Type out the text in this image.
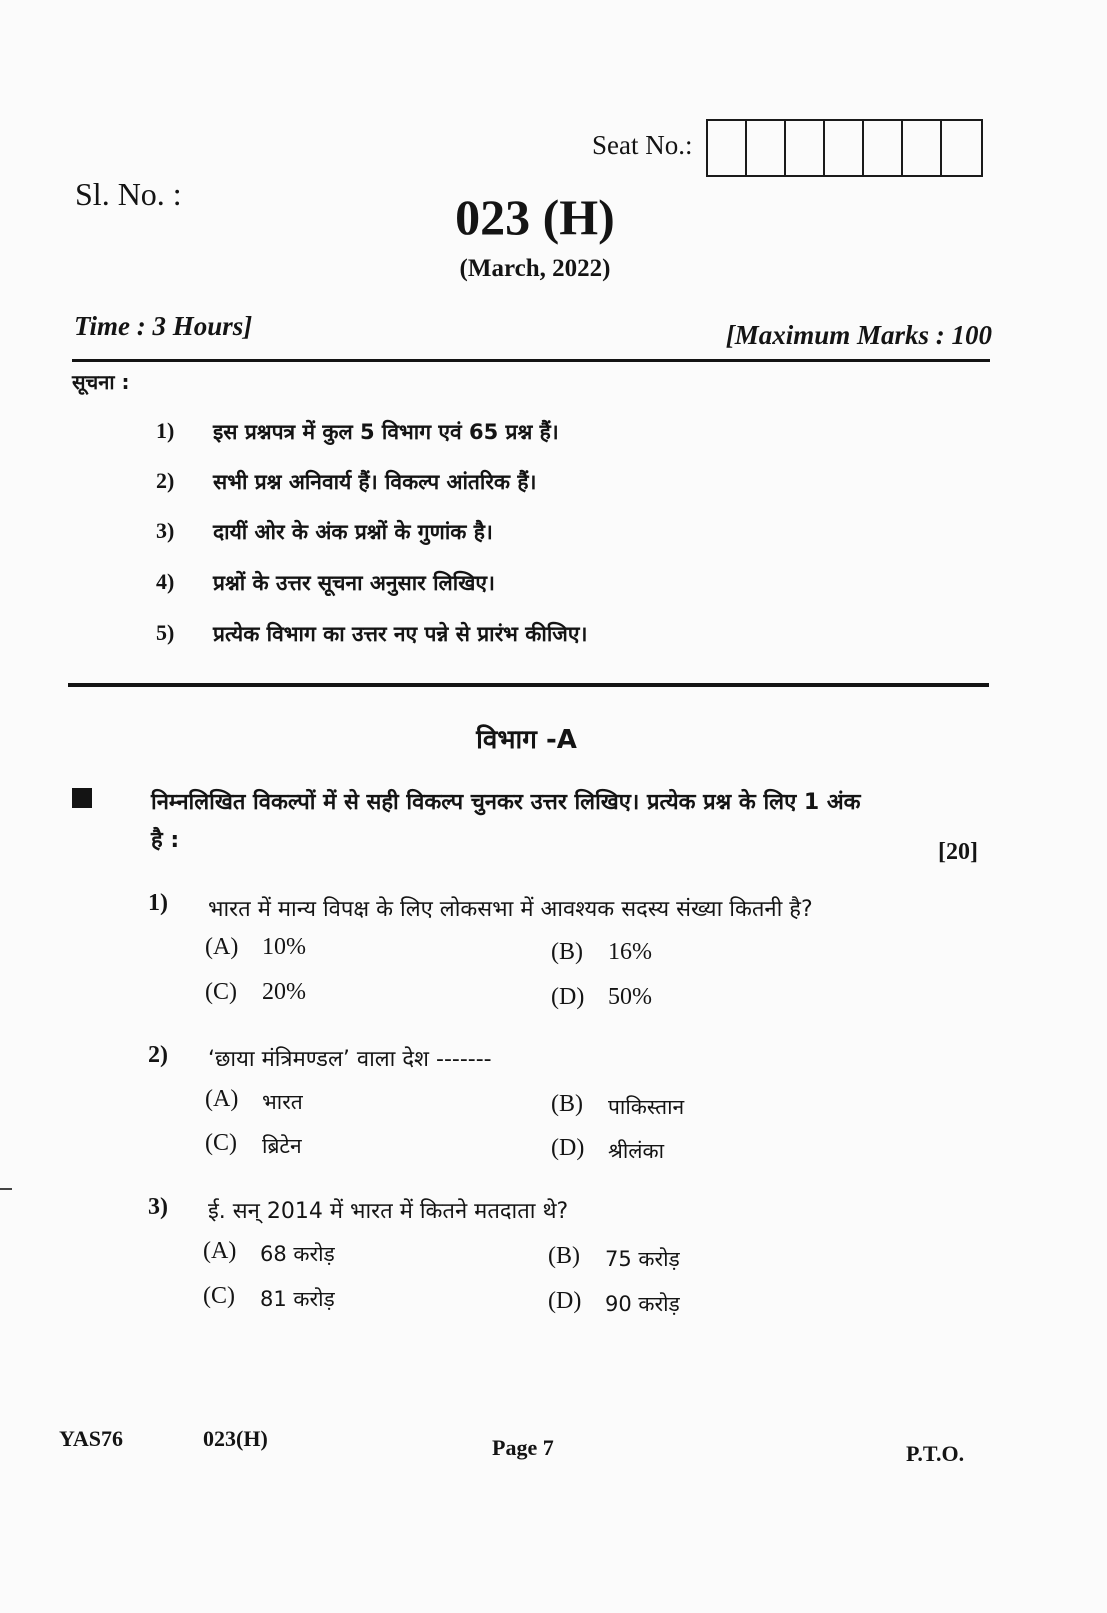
Seat No.:
Sl. No. :	023 (H)
(March, 2022)
Time : 3 Hours]	[Maximum Marks : 100
सूचना :
1)	इस प्रश्नपत्र में कुल 5 विभाग एवं 65 प्रश्न हैं।
2)	सभी प्रश्न अनिवार्य हैं। विकल्प आंतरिक हैं।
3)	दायीं ओर के अंक प्रश्नों के गुणांक है।
4)	प्रश्नों के उत्तर सूचना अनुसार लिखिए।
5)	प्रत्येक विभाग का उत्तर नए पन्ने से प्रारंभ कीजिए।
विभाग -A
निम्नलिखित विकल्पों में से सही विकल्प चुनकर उत्तर लिखिए। प्रत्येक प्रश्न के लिए 1 अंक है :	[20]
1) भारत में मान्य विपक्ष के लिए लोकसभा में आवश्यक सदस्य संख्या कितनी है?
(A) 10%	(B)	16%
(C)	20%	(D) 50%
2) ‘छाया मंत्रिमण्डल’ वाला देश -------
(A)	भारत	(B)	पाकिस्तान
(C)	ब्रिटेन	(D)	श्रीलंका
3) ई. सन् 2014 में भारत में कितने मतदाता थे?
(A)	68 करोड़	(B)	75 करोड़
(C)	81 करोड़	(D)	90 करोड़
YAS76	023(H)	Page 7	P.T.O.
